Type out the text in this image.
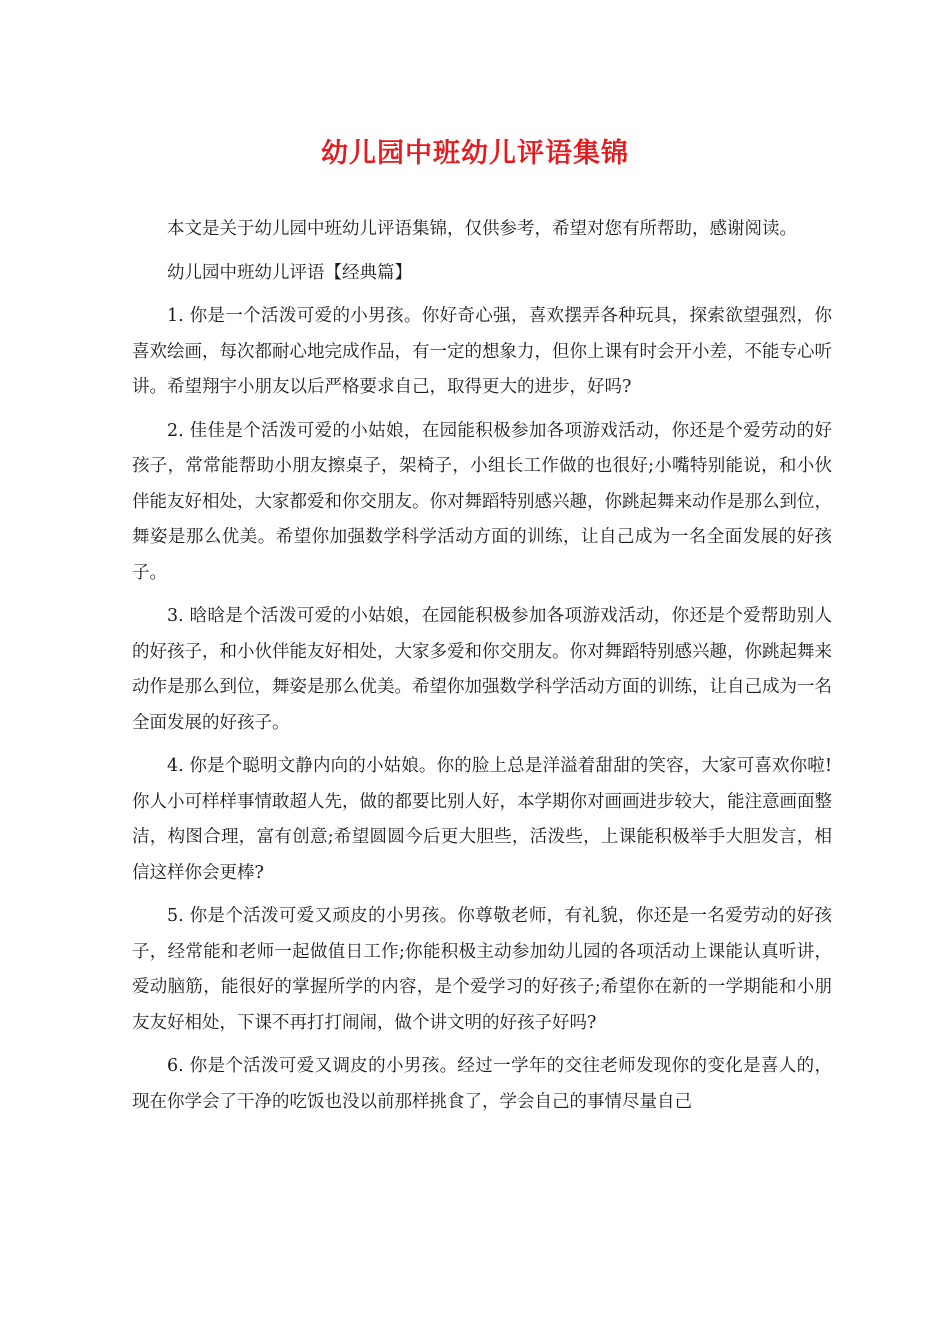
幼儿园中班幼儿评语集锦

本文是关于幼儿园中班幼儿评语集锦，仅供参考，希望对您有所帮助，感谢阅读。

幼儿园中班幼儿评语【经典篇】

1. 你是一个活泼可爱的小男孩。你好奇心强，喜欢摆弄各种玩具，探索欲望强烈，你喜欢绘画，每次都耐心地完成作品，有一定的想象力，但你上课有时会开小差，不能专心听讲。希望翔宇小朋友以后严格要求自己，取得更大的进步，好吗?

2. 佳佳是个活泼可爱的小姑娘，在园能积极参加各项游戏活动，你还是个爱劳动的好孩子，常常能帮助小朋友擦桌子，架椅子，小组长工作做的也很好;小嘴特别能说，和小伙伴能友好相处，大家都爱和你交朋友。你对舞蹈特别感兴趣，你跳起舞来动作是那么到位，舞姿是那么优美。希望你加强数学科学活动方面的训练，让自己成为一名全面发展的好孩子。

3. 晗晗是个活泼可爱的小姑娘，在园能积极参加各项游戏活动，你还是个爱帮助别人的好孩子，和小伙伴能友好相处，大家多爱和你交朋友。你对舞蹈特别感兴趣，你跳起舞来动作是那么到位，舞姿是那么优美。希望你加强数学科学活动方面的训练，让自己成为一名全面发展的好孩子。

4. 你是个聪明文静内向的小姑娘。你的脸上总是洋溢着甜甜的笑容，大家可喜欢你啦!你人小可样样事情敢超人先，做的都要比别人好，本学期你对画画进步较大，能注意画面整洁，构图合理，富有创意;希望圆圆今后更大胆些，活泼些，上课能积极举手大胆发言，相信这样你会更棒?

5. 你是个活泼可爱又顽皮的小男孩。你尊敬老师，有礼貌，你还是一名爱劳动的好孩子，经常能和老师一起做值日工作;你能积极主动参加幼儿园的各项活动上课能认真听讲，爱动脑筋，能很好的掌握所学的内容，是个爱学习的好孩子;希望你在新的一学期能和小朋友友好相处，下课不再打打闹闹，做个讲文明的好孩子好吗?

6. 你是个活泼可爱又调皮的小男孩。经过一学年的交往老师发现你的变化是喜人的，现在你学会了干净的吃饭也没以前那样挑食了，学会自己的事情尽量自己
